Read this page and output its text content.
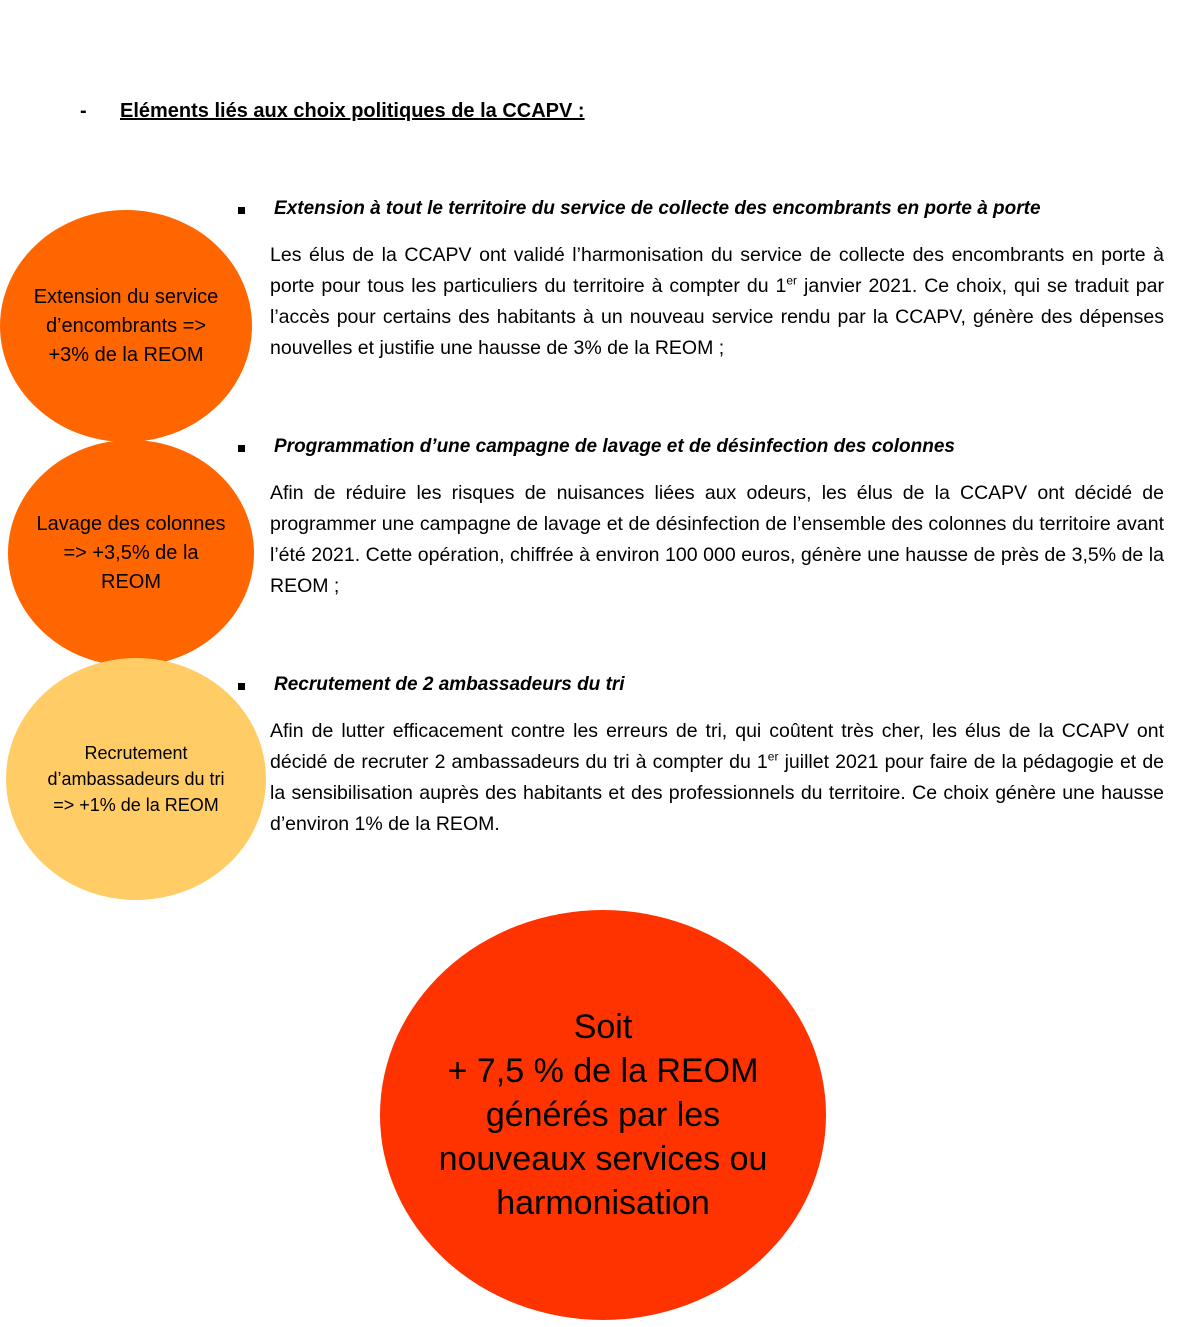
- Eléments liés aux choix politiques de la CCAPV :
Extension du service d’encombrants => +3% de la REOM
Lavage des colonnes => +3,5% de la REOM
Recrutement d’ambassadeurs du tri => +1% de la REOM
Extension à tout le territoire du service de collecte des encombrants en porte à porte

Les élus de la CCAPV ont validé l’harmonisation du service de collecte des encombrants en porte à porte pour tous les particuliers du territoire à compter du 1er janvier 2021. Ce choix, qui se traduit par l’accès pour certains des habitants à un nouveau service rendu par la CCAPV, génère des dépenses nouvelles et justifie une hausse de 3% de la REOM ;

Programmation d’une campagne de lavage et de désinfection des colonnes

Afin de réduire les risques de nuisances liées aux odeurs, les élus de la CCAPV ont décidé de programmer une campagne de lavage et de désinfection de l’ensemble des colonnes du territoire avant l’été 2021. Cette opération, chiffrée à environ 100 000 euros, génère une hausse de près de 3,5% de la REOM ;

Recrutement de 2 ambassadeurs du tri

Afin de lutter efficacement contre les erreurs de tri, qui coûtent très cher, les élus de la CCAPV ont décidé de recruter 2 ambassadeurs du tri à compter du 1er juillet 2021 pour faire de la pédagogie et de la sensibilisation auprès des habitants et des professionnels du territoire. Ce choix génère une hausse d’environ 1% de la REOM.

Soit
+ 7,5 % de la REOM générés par les nouveaux services ou harmonisation
